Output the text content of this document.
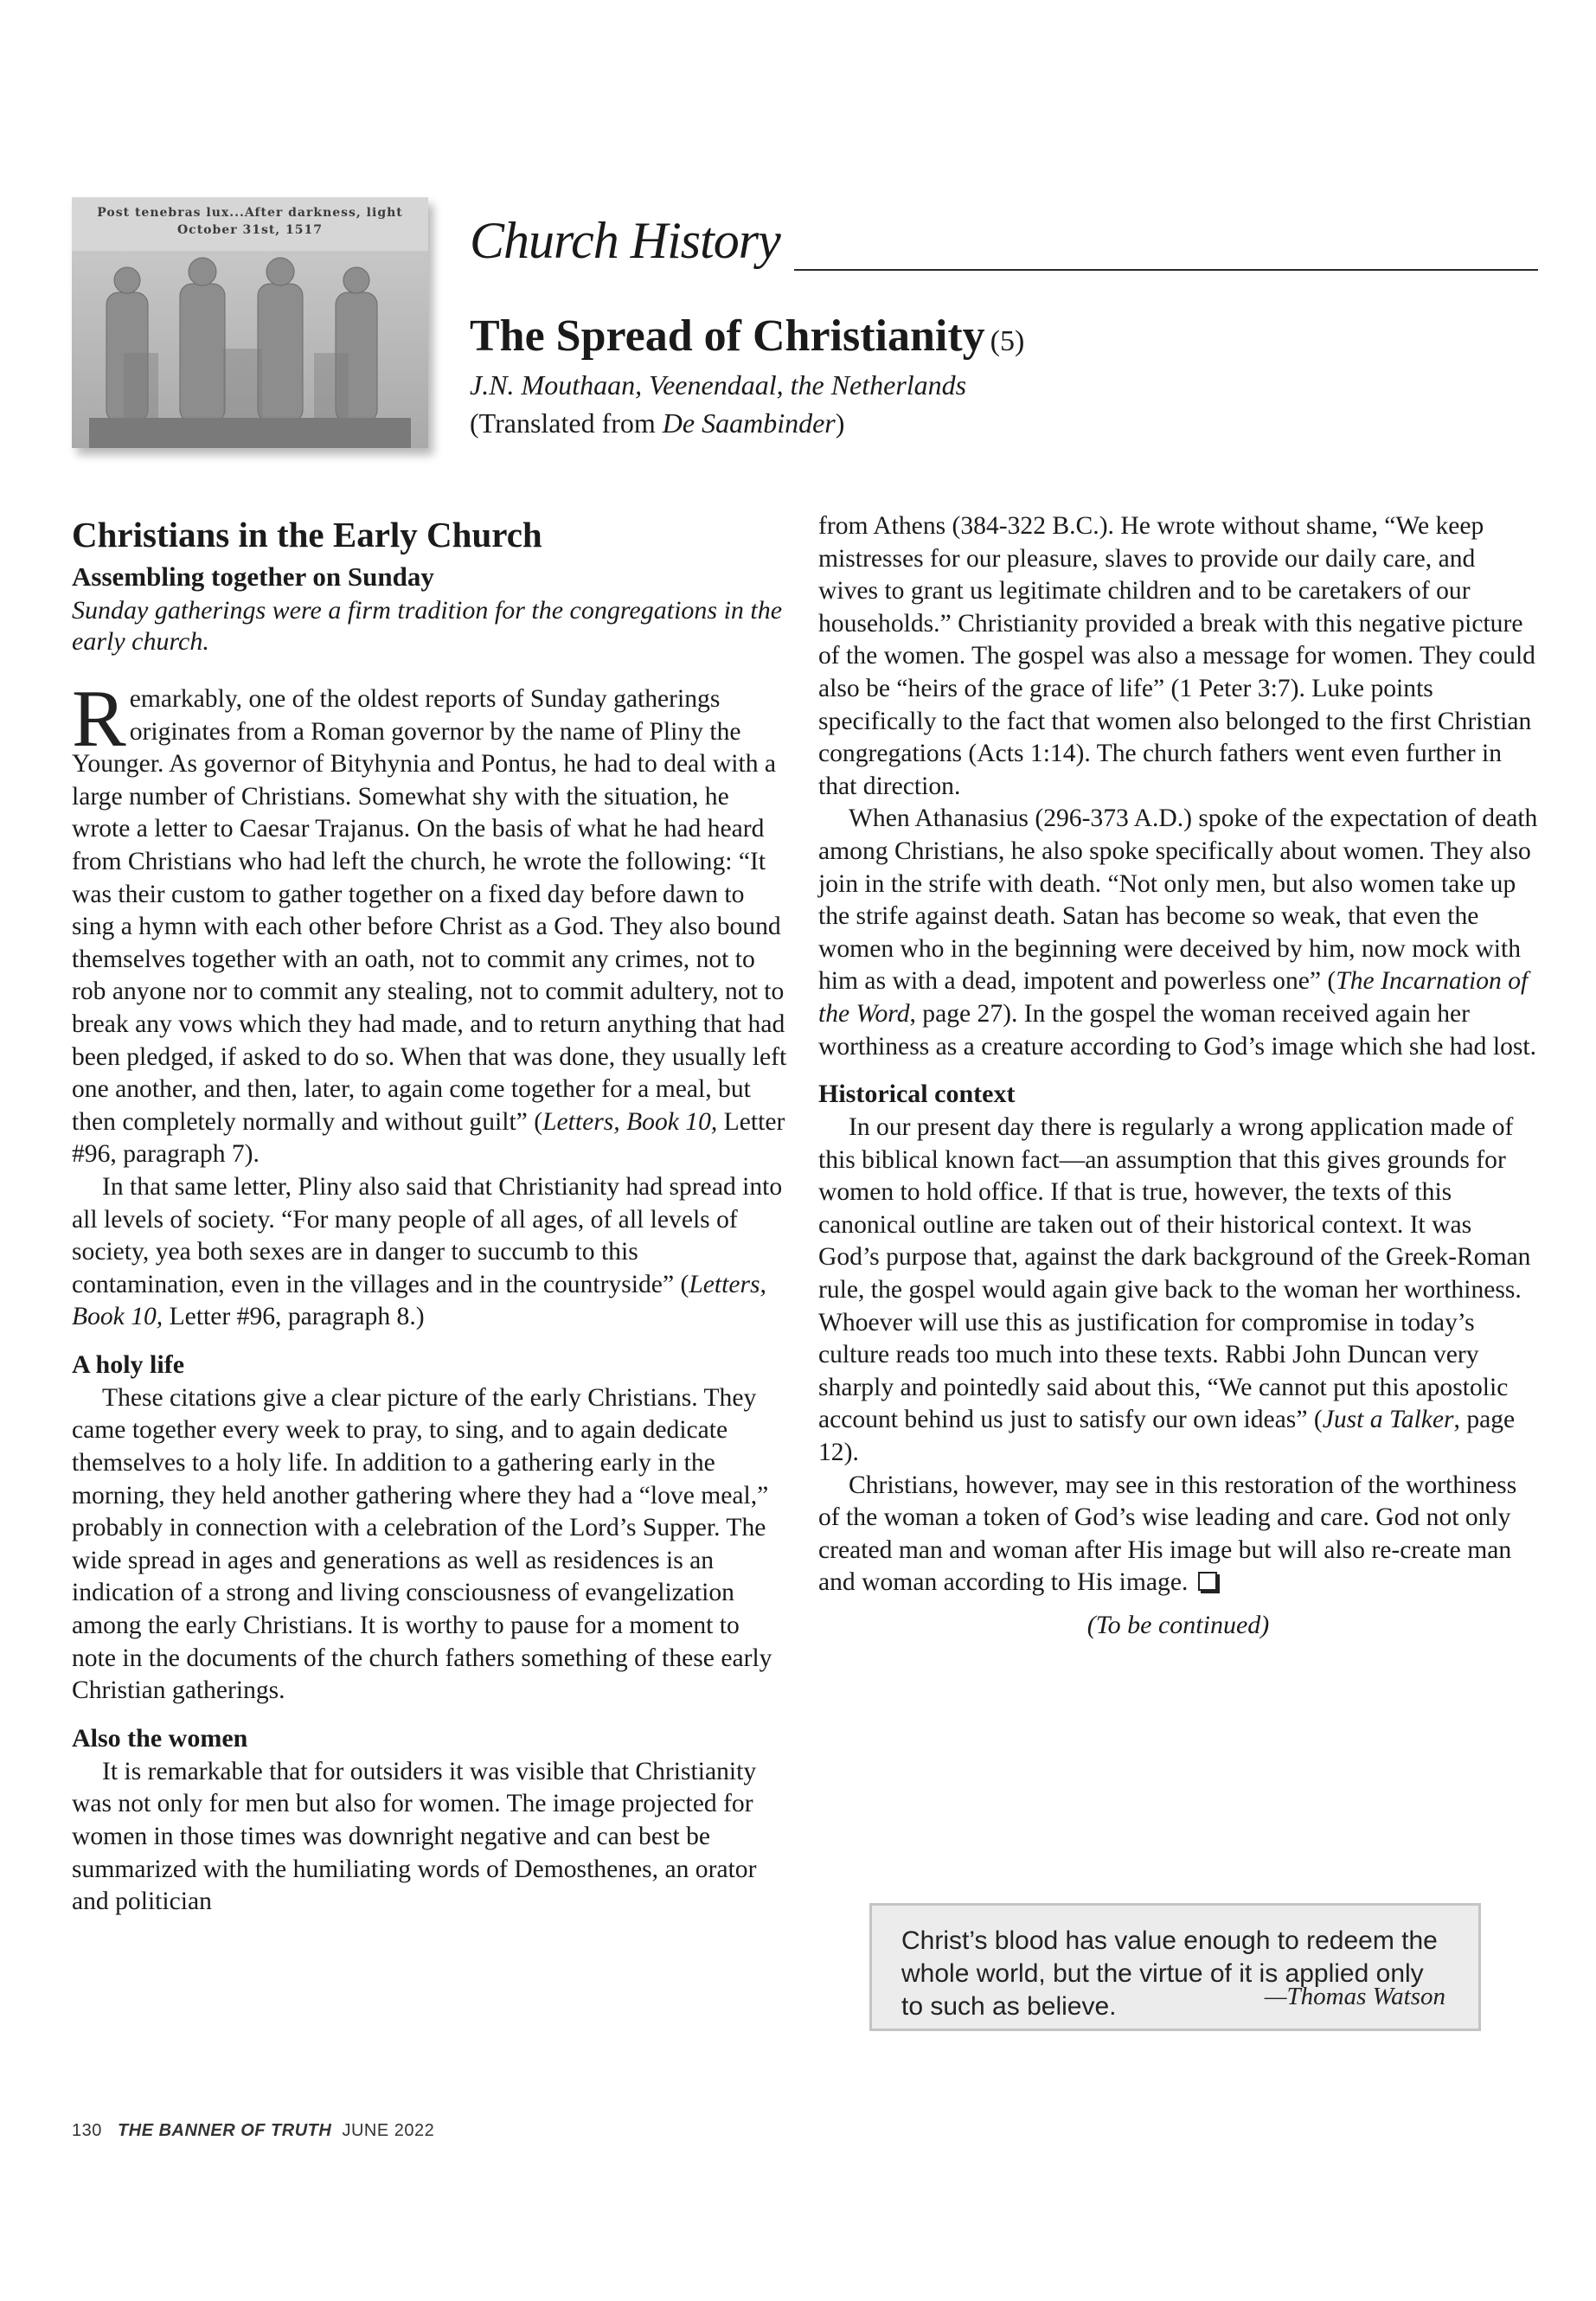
Post tenebras lux...After darkness, light
October 31st, 1517	Church History
The Spread of Christianity (5)
J.N. Mouthaan, Veenendaal, the Netherlands
(Translated from De Saambinder)
Christians in the Early Church
Assembling together on Sunday

Sunday gatherings were a firm tradition for the congregations in the early church.

Remarkably, one of the oldest reports of Sunday gatherings originates from a Roman governor by the name of Pliny the Younger. As governor of Bityhynia and Pontus, he had to deal with a large number of Christians. Somewhat shy with the situation, he wrote a letter to Caesar Trajanus. On the basis of what he had heard from Christians who had left the church, he wrote the following: “It was their custom to gather together on a fixed day before dawn to sing a hymn with each other before Christ as a God. They also bound themselves together with an oath, not to commit any crimes, not to rob anyone nor to commit any stealing, not to commit adultery, not to break any vows which they had made, and to return anything that had been pledged, if asked to do so. When that was done, they usually left one another, and then, later, to again come together for a meal, but then completely normally and without guilt” (Letters, Book 10, Letter #96, paragraph 7).

In that same letter, Pliny also said that Christianity had spread into all levels of society. “For many people of all ages, of all levels of society, yea both sexes are in danger to succumb to this contamination, even in the villages and in the countryside” (Letters, Book 10, Letter #96, paragraph 8.)

A holy life

These citations give a clear picture of the early Christians. They came together every week to pray, to sing, and to again dedicate themselves to a holy life. In addition to a gathering early in the morning, they held another gathering where they had a “love meal,” probably in connection with a celebration of the Lord’s Supper. The wide spread in ages and generations as well as residences is an indication of a strong and living consciousness of evangelization among the early Christians. It is worthy to pause for a moment to note in the documents of the church fathers something of these early Christian gatherings.

Also the women

It is remarkable that for outsiders it was visible that Christianity was not only for men but also for women. The image projected for women in those times was downright negative and can best be summarized with the humiliating words of Demosthenes, an orator and politician

from Athens (384-322 B.C.). He wrote without shame, “We keep mistresses for our pleasure, slaves to provide our daily care, and wives to grant us legitimate children and to be caretakers of our households.” Christianity provided a break with this negative picture of the women. The gospel was also a message for women. They could also be “heirs of the grace of life” (1 Peter 3:7). Luke points specifically to the fact that women also belonged to the first Christian congregations (Acts 1:14). The church fathers went even further in that direction.

When Athanasius (296-373 A.D.) spoke of the expectation of death among Christians, he also spoke specifically about women. They also join in the strife with death. “Not only men, but also women take up the strife against death. Satan has become so weak, that even the women who in the beginning were deceived by him, now mock with him as with a dead, impotent and powerless one” (The Incarnation of the Word, page 27). In the gospel the woman received again her worthiness as a creature according to God’s image which she had lost.

Historical context

In our present day there is regularly a wrong application made of this biblical known fact—an assumption that this gives grounds for women to hold office. If that is true, however, the texts of this canonical outline are taken out of their historical context. It was God’s purpose that, against the dark background of the Greek-Roman rule, the gospel would again give back to the woman her worthiness. Whoever will use this as justification for compromise in today’s culture reads too much into these texts. Rabbi John Duncan very sharply and pointedly said about this, “We cannot put this apostolic account behind us just to satisfy our own ideas” (Just a Talker, page 12).

Christians, however, may see in this restoration of the worthiness of the woman a token of God’s wise leading and care. God not only created man and woman after His image but will also re-create man and woman according to His image.

(To be continued)
Christ’s blood has value enough to redeem the whole world, but the virtue of it is applied only to such as believe.	—Thomas Watson
130 THE BANNER OF TRUTH JUNE 2022
